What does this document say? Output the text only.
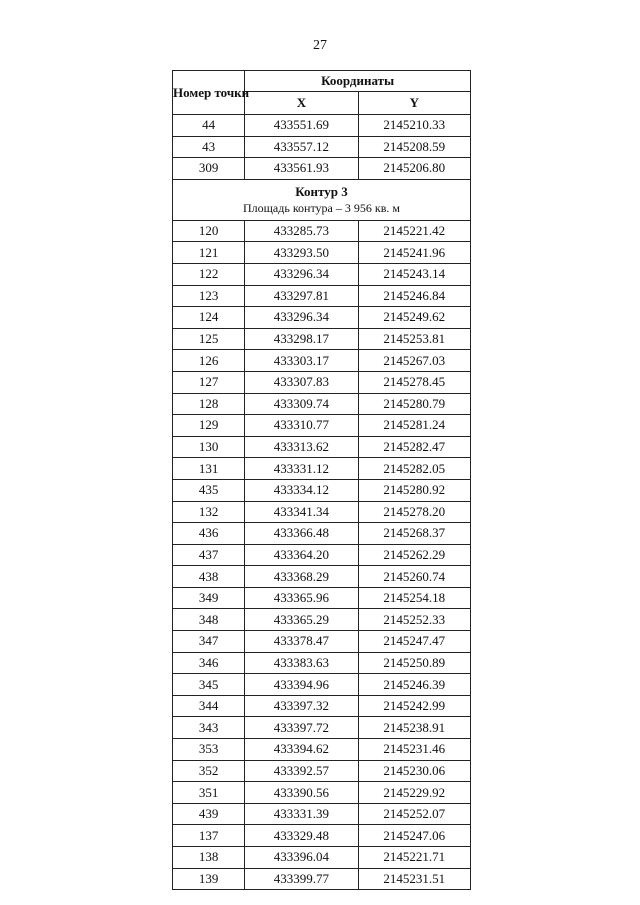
27
Номер точки	Координаты	
	X	Y
44	433551.69	2145210.33
43	433557.12	2145208.59
309	433561.93	2145206.80

Контур 3
Площадь контура – 3 956 кв. м		

120	433285.73	2145221.42
121	433293.50	2145241.96
122	433296.34	2145243.14
123	433297.81	2145246.84
124	433296.34	2145249.62
125	433298.17	2145253.81
126	433303.17	2145267.03
127	433307.83	2145278.45
128	433309.74	2145280.79
129	433310.77	2145281.24
130	433313.62	2145282.47
131	433331.12	2145282.05
435	433334.12	2145280.92
132	433341.34	2145278.20
436	433366.48	2145268.37
437	433364.20	2145262.29
438	433368.29	2145260.74
349	433365.96	2145254.18
348	433365.29	2145252.33
347	433378.47	2145247.47
346	433383.63	2145250.89
345	433394.96	2145246.39
344	433397.32	2145242.99
343	433397.72	2145238.91
353	433394.62	2145231.46
352	433392.57	2145230.06
351	433390.56	2145229.92
439	433331.39	2145252.07
137	433329.48	2145247.06
138	433396.04	2145221.71
139	433399.77	2145231.51
